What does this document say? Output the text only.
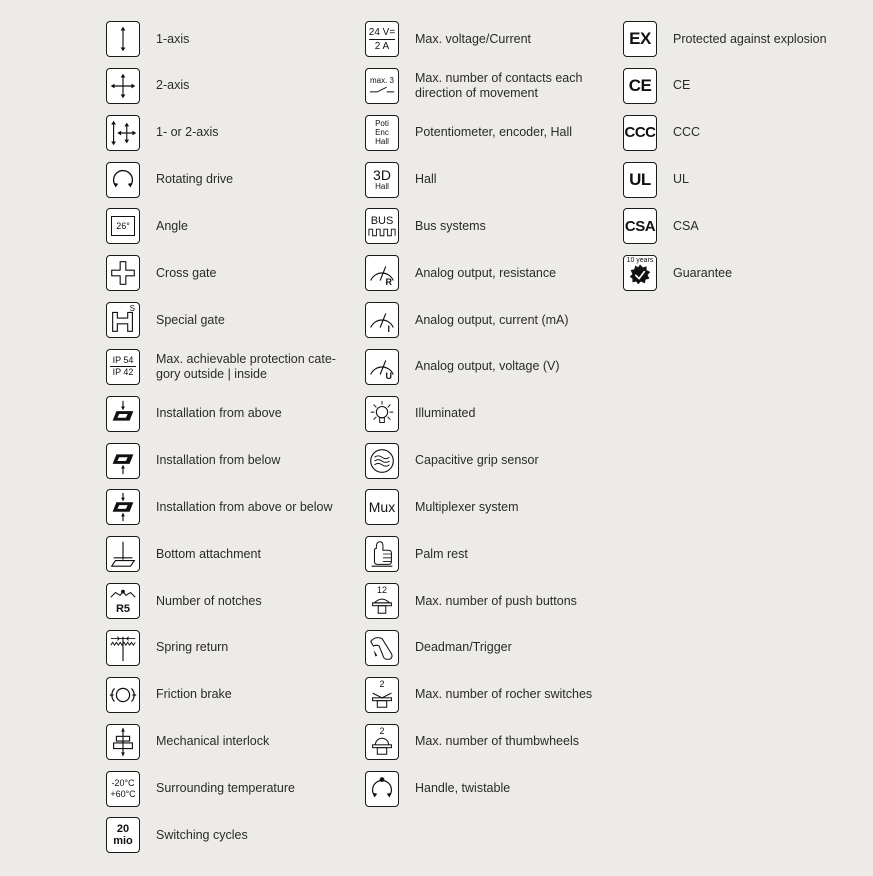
1-axis
2-axis
1- or 2-axis
Rotating drive
26°	Angle
Cross gate
S
Special gate
$\frac{IP 54}{IP 42}$ Max. achievable protection cate-
gory outside | inside
Installation from above
Installation from below
Installation from above or below
Bottom attachment
R5
Number of notches
Spring return
Friction brake
Mechanical interlock
-20°C
+60°C Surrounding temperature
20
mio Switching cycles
$\frac{24 V=}{2 A}$ Max. voltage/Current
max. 3 Max. number of contacts each
direction of movement
Poti
Enc
Hall
Potentiometer, encoder, Hall
3D
Hall
Hall
BUS Bus systems
R
Analog output, resistance
I
Analog output, current (mA)
U
Analog output, voltage (V)
Illuminated
Capacitive grip sensor
Mux Multiplexer system
Palm rest
12
Max. number of push buttons
Deadman/Trigger
2
Max. number of rocher switches
2
Max. number of thumbwheels
Handle, twistable
EX Protected against explosion
CE CE
CCC CCC
UL UL
CSA CSA
10 years
Guarantee
